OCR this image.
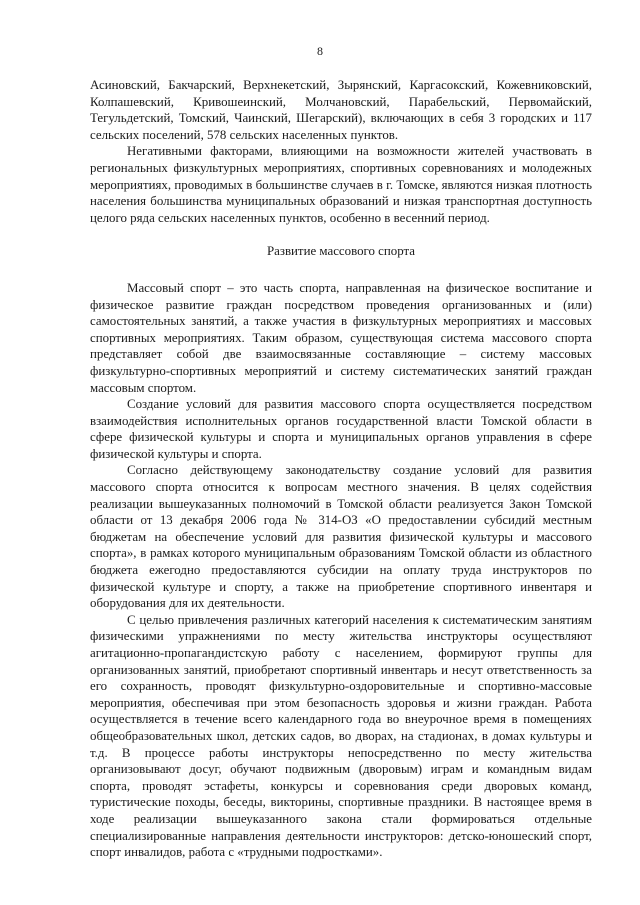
8

Асиновский, Бакчарский, Верхнекетский, Зырянский, Каргасокский, Кожевниковский, Колпашевский, Кривошеинский, Молчановский, Парабельский, Первомайский, Тегульдетский, Томский, Чаинский, Шегарский), включающих в себя 3 городских и 117 сельских поселений, 578 сельских населенных пунктов.

Негативными факторами, влияющими на возможности жителей участвовать в региональных физкультурных мероприятиях, спортивных соревнованиях и молодежных мероприятиях, проводимых в большинстве случаев в г. Томске, являются низкая плотность населения большинства муниципальных образований и низкая транспортная доступность целого ряда сельских населенных пунктов, особенно в весенний период.

Развитие массового спорта

Массовый спорт – это часть спорта, направленная на физическое воспитание и физическое развитие граждан посредством проведения организованных и (или) самостоятельных занятий, а также участия в физкультурных мероприятиях и массовых спортивных мероприятиях. Таким образом, существующая система массового спорта представляет собой две взаимосвязанные составляющие – систему массовых физкультурно-спортивных мероприятий и систему систематических занятий граждан массовым спортом.

Создание условий для развития массового спорта осуществляется посредством взаимодействия исполнительных органов государственной власти Томской области в сфере физической культуры и спорта и муниципальных органов управления в сфере физической культуры и спорта.

Согласно действующему законодательству создание условий для развития массового спорта относится к вопросам местного значения. В целях содействия реализации вышеуказанных полномочий в Томской области реализуется Закон Томской области от 13 декабря 2006 года № 314-ОЗ «О предоставлении субсидий местным бюджетам на обеспечение условий для развития физической культуры и массового спорта», в рамках которого муниципальным образованиям Томской области из областного бюджета ежегодно предоставляются субсидии на оплату труда инструкторов по физической культуре и спорту, а также на приобретение спортивного инвентаря и оборудования для их деятельности.

С целью привлечения различных категорий населения к систематическим занятиям физическими упражнениями по месту жительства инструкторы осуществляют агитационно-пропагандистскую работу с населением, формируют группы для организованных занятий, приобретают спортивный инвентарь и несут ответственность за его сохранность, проводят физкультурно-оздоровительные и спортивно-массовые мероприятия, обеспечивая при этом безопасность здоровья и жизни граждан. Работа осуществляется в течение всего календарного года во внеурочное время в помещениях общеобразовательных школ, детских садов, во дворах, на стадионах, в домах культуры и т.д. В процессе работы инструкторы непосредственно по месту жительства организовывают досуг, обучают подвижным (дворовым) играм и командным видам спорта, проводят эстафеты, конкурсы и соревнования среди дворовых команд, туристические походы, беседы, викторины, спортивные праздники. В настоящее время в ходе реализации вышеуказанного закона стали формироваться отдельные специализированные направления деятельности инструкторов: детско-юношеский спорт, спорт инвалидов, работа с «трудными подростками».
